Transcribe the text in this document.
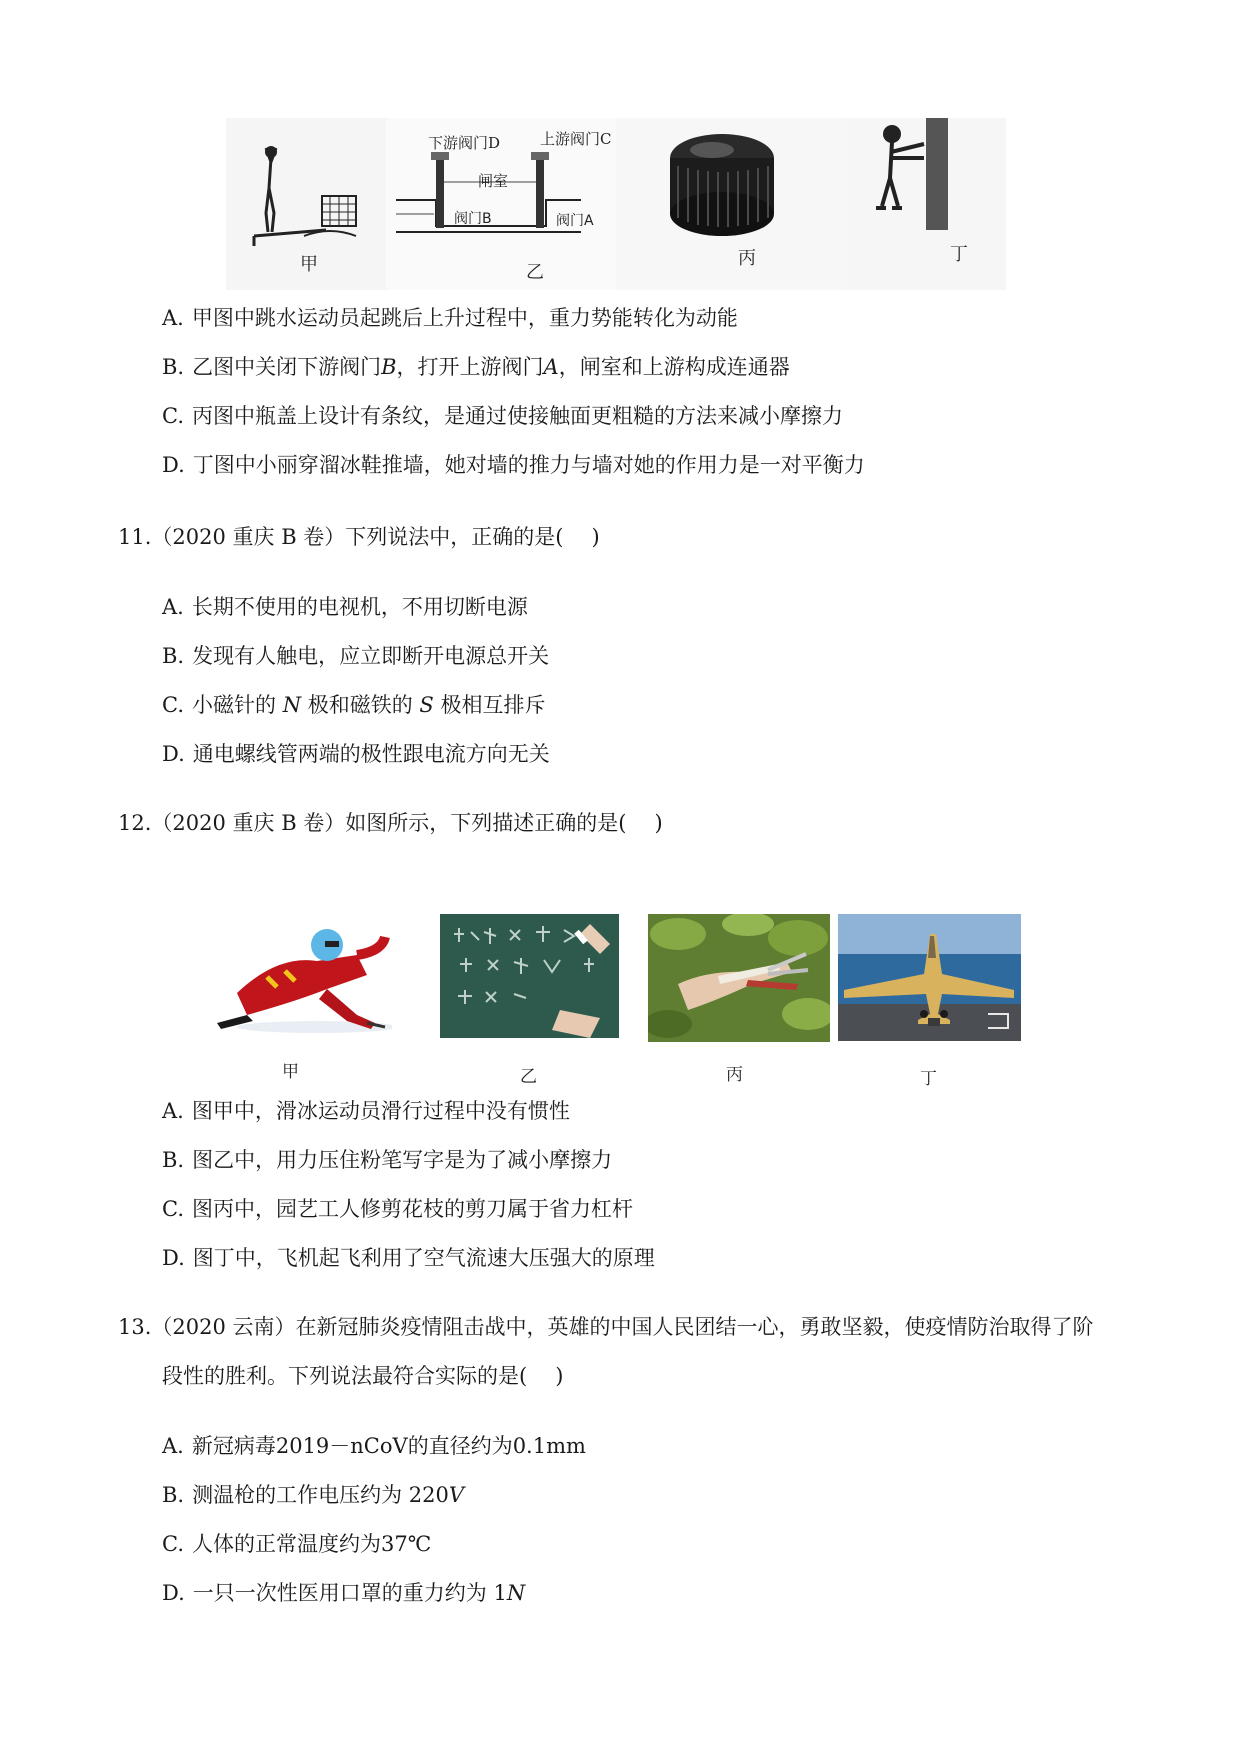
下游阀门D	上游阀门C
闸室
阀门B	阀门A
甲	乙
丙	丁
A. 甲图中跳水运动员起跳后上升过程中，重力势能转化为动能
B. 乙图中关闭下游阀门B，打开上游阀门A，闸室和上游构成连通器
C. 丙图中瓶盖上设计有条纹，是通过使接触面更粗糙的方法来减小摩擦力
D. 丁图中小丽穿溜冰鞋推墙，她对墙的推力与墙对她的作用力是一对平衡力
11.（2020 重庆 B 卷）下列说法中，正确的是( )
A. 长期不使用的电视机，不用切断电源
B. 发现有人触电，应立即断开电源总开关
C. 小磁针的 N 极和磁铁的 S 极相互排斥
D. 通电螺线管两端的极性跟电流方向无关
12.（2020 重庆 B 卷）如图所示，下列描述正确的是( )
甲	乙	丙	丁
A. 图甲中，滑冰运动员滑行过程中没有惯性
B. 图乙中，用力压住粉笔写字是为了减小摩擦力
C. 图丙中，园艺工人修剪花枝的剪刀属于省力杠杆
D. 图丁中，飞机起飞利用了空气流速大压强大的原理
13.（2020 云南）在新冠肺炎疫情阻击战中，英雄的中国人民团结一心，勇敢坚毅，使疫情防治取得了阶
段性的胜利。下列说法最符合实际的是( )
A. 新冠病毒2019－nCoV的直径约为0.1mm
B. 测温枪的工作电压约为 220V
C. 人体的正常温度约为37℃
D. 一只一次性医用口罩的重力约为 1N
